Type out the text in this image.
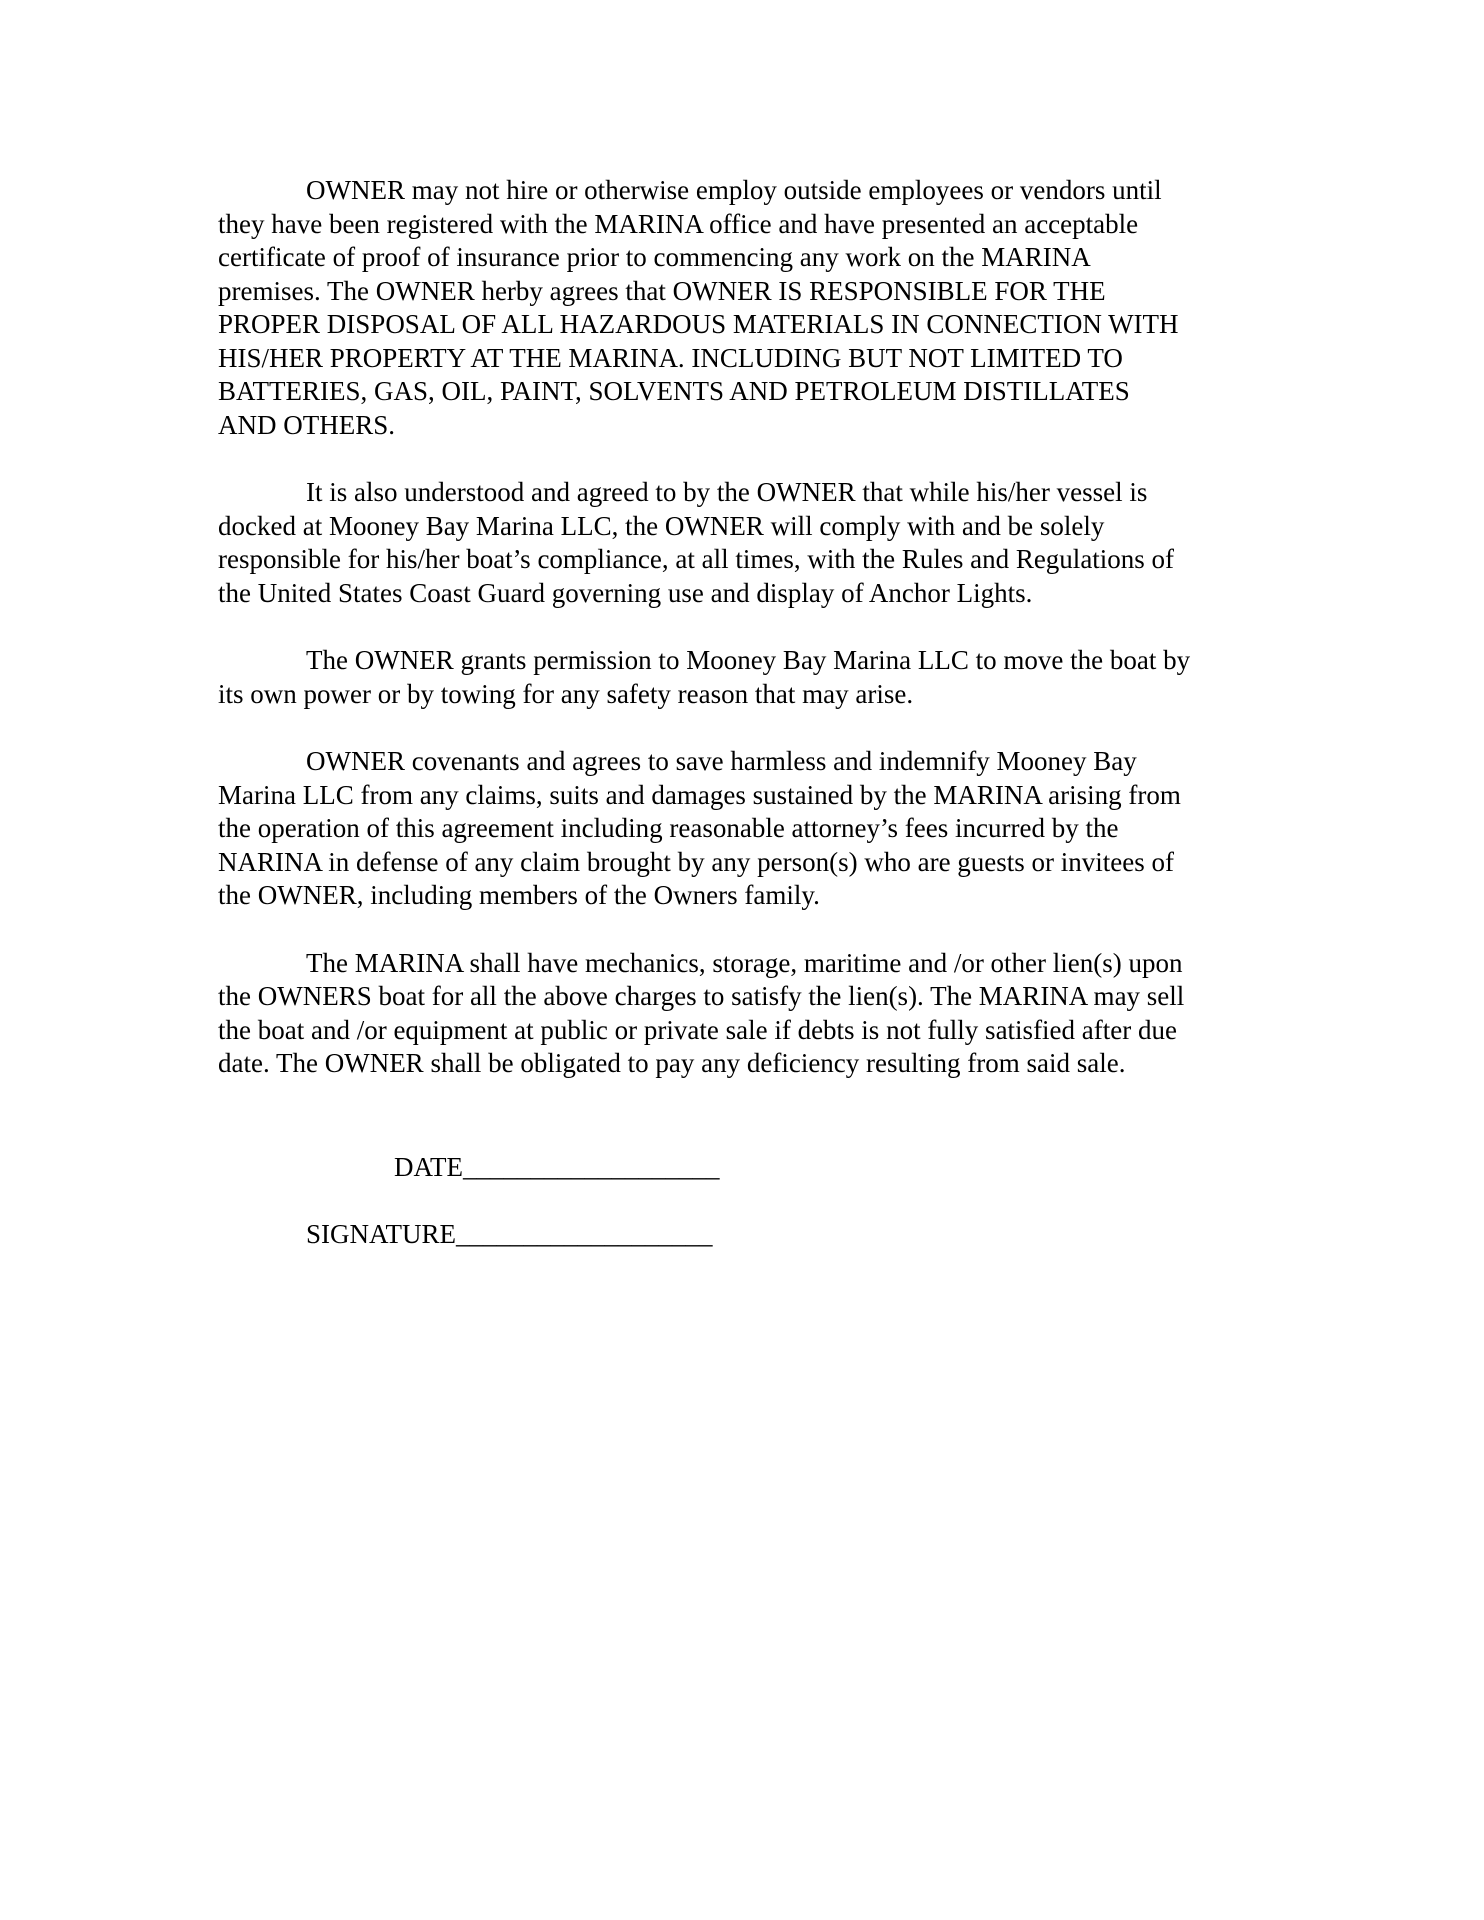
OWNER may not hire or otherwise employ outside employees or vendors until
they have been registered with the MARINA office and have presented an acceptable
certificate of proof of insurance prior to commencing any work on the MARINA
premises. The OWNER herby agrees that OWNER IS RESPONSIBLE FOR THE
PROPER DISPOSAL OF ALL HAZARDOUS MATERIALS IN CONNECTION WITH
HIS/HER PROPERTY AT THE MARINA. INCLUDING BUT NOT LIMITED TO
BATTERIES, GAS, OIL, PAINT, SOLVENTS AND PETROLEUM DISTILLATES
AND OTHERS.

It is also understood and agreed to by the OWNER that while his/her vessel is
docked at Mooney Bay Marina LLC, the OWNER will comply with and be solely
responsible for his/her boat’s compliance, at all times, with the Rules and Regulations of
the United States Coast Guard governing use and display of Anchor Lights.

The OWNER grants permission to Mooney Bay Marina LLC to move the boat by
its own power or by towing for any safety reason that may arise.

OWNER covenants and agrees to save harmless and indemnify Mooney Bay
Marina LLC from any claims, suits and damages sustained by the MARINA arising from
the operation of this agreement including reasonable attorney’s fees incurred by the
NARINA in defense of any claim brought by any person(s) who are guests or invitees of
the OWNER, including members of the Owners family.

The MARINA shall have mechanics, storage, maritime and /or other lien(s) upon
the OWNERS boat for all the above charges to satisfy the lien(s). The MARINA may sell
the boat and /or equipment at public or private sale if debts is not fully satisfied after due
date. The OWNER shall be obligated to pay any deficiency resulting from said sale.

DATE___________________
SIGNATURE___________________
